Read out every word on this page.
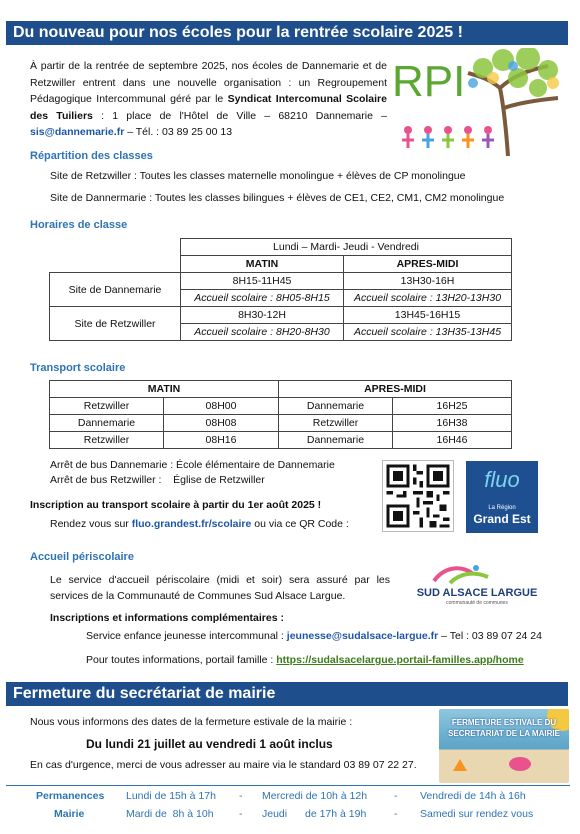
Du nouveau pour nos écoles pour la rentrée scolaire 2025 !
À partir de la rentrée de septembre 2025, nos écoles de Dannemarie et de Retzwiller entrent dans une nouvelle organisation : un Regroupement Pédagogique Intercommunal géré par le Syndicat Intercomunal Scolaire des Tuiliers : 1 place de l'Hôtel de Ville – 68210 Dannemarie – sis@dannemarie.fr – Tél. : 03 89 25 00 13
RPI
Répartition des classes
Site de Retzwiller : Toutes les classes maternelle monolingue + élèves de CP monolingue
Site de Dannermarie : Toutes les classes bilingues + élèves de CE1, CE2, CM1, CM2 monolingue
Horaires de classe
	Lundi – Mardi- Jeudi - Vendredi	
	MATIN	APRES-MIDI
Site de Dannemarie	8H15-11H45	13H30-16H
	Accueil scolaire : 8H05-8H15	Accueil scolaire : 13H20-13H30
Site de Retzwiller	8H30-12H	13H45-16H15
	Accueil scolaire : 8H20-8H30	Accueil scolaire : 13H35-13H45
Transport scolaire
MATIN		APRES-MIDI	
Retzwiller	08H00	Dannemarie	16H25
Dannemarie	08H08	Retzwiller	16H38
Retzwiller	08H16	Dannemarie	16H46
Arrêt de bus Dannemarie : École élémentaire de Dannemarie
Arrêt de bus Retzwiller :    Église de Retzwiller
Inscription au transport scolaire à partir du 1er août 2025 !
Rendez vous sur fluo.grandest.fr/scolaire ou via ce QR Code :
fluo
La Région
Grand Est
Accueil périscolaire
Le service d'accueil périscolaire (midi et soir) sera assuré par les services de la Communauté de Communes Sud Alsace Largue.	SUD ALSACE LARGUE
communauté de communes
Inscriptions et informations complémentaires :
Service enfance jeunesse intercommunal : jeunesse@sudalsace-largue.fr – Tel : 03 89 07 24 24
Pour toutes informations, portail famille : https://sudalsacelargue.portail-familles.app/home
Fermeture du secrétariat de mairie
Nous vous informons des dates de la fermeture estivale de la mairie :
Du lundi 21 juillet au vendredi 1 août inclus
En cas d'urgence, merci de vous adresser au maire via le standard 03 89 07 22 27.
FERMETURE ESTIVALE DU SECRETARIAT DE LA MAIRIE
Permanences Lundi de 15h à 17h - Mercredi de 10h à 12h	- Vendredi de 14h à 16h
Mairie	Mardi de  8h à 10h - Jeudi de 17h à 19h	- Samedi sur rendez vous
